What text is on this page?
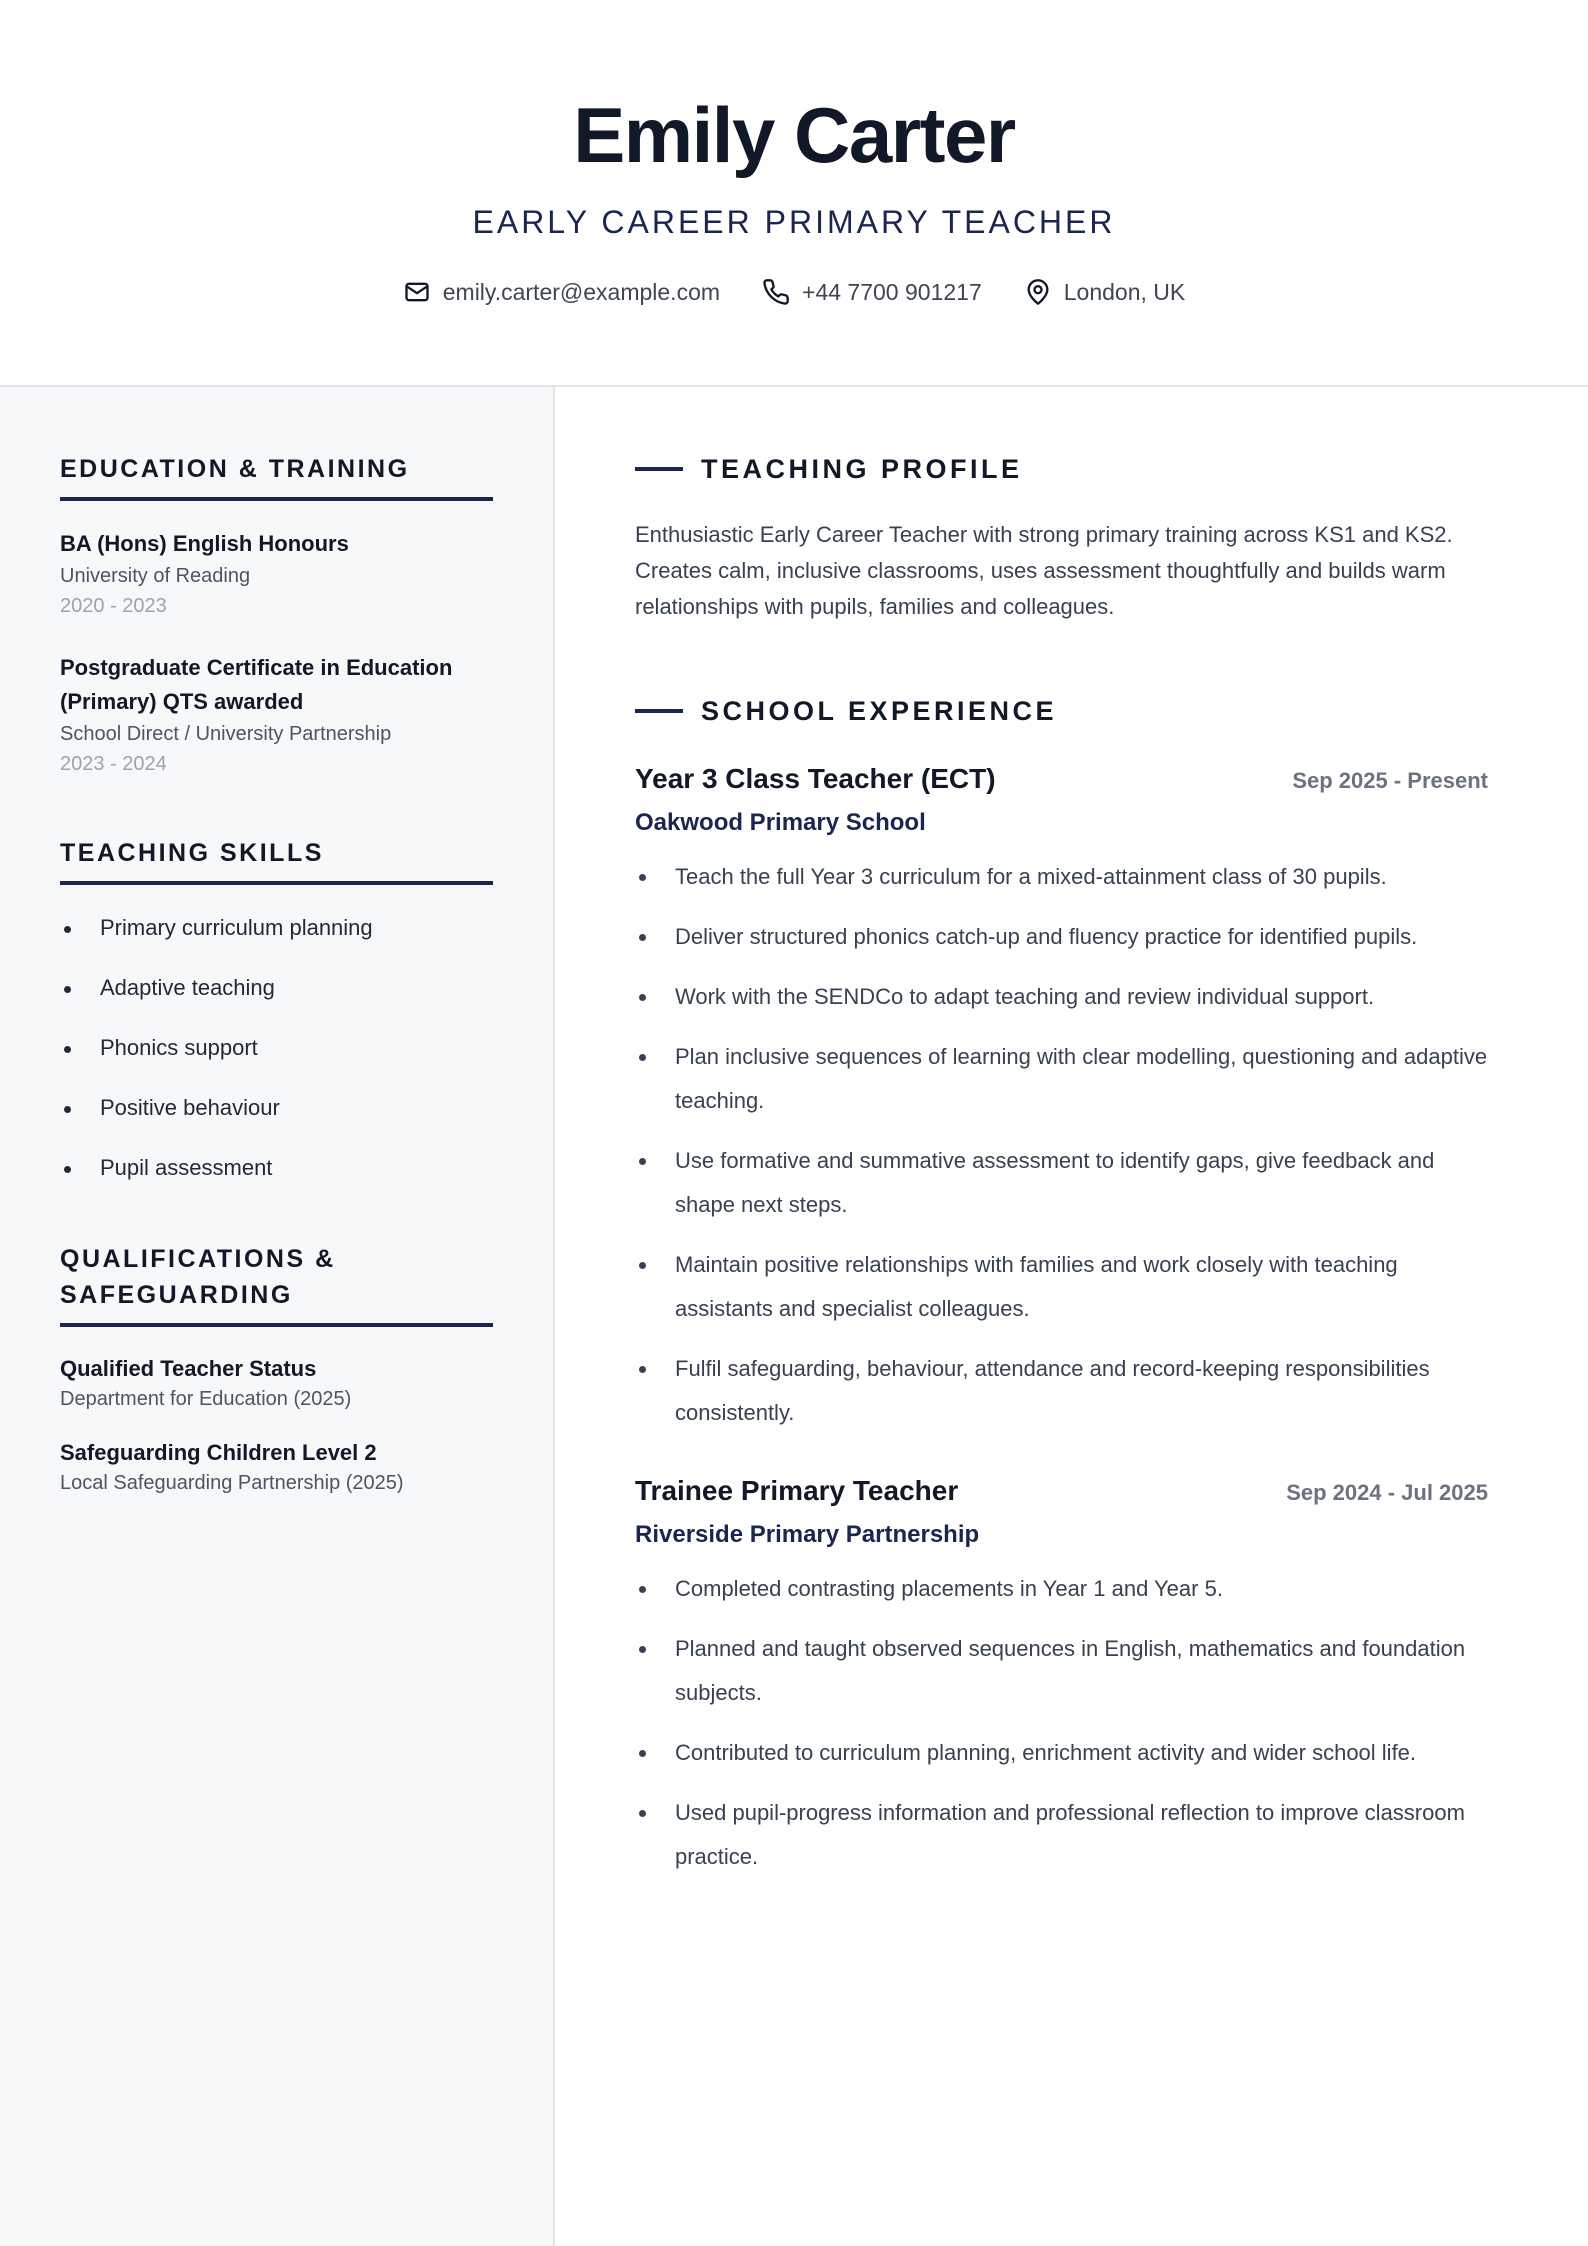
Emily Carter
EARLY CAREER PRIMARY TEACHER
emily.carter@example.com	+44 7700 901217	London, UK
EDUCATION & TRAINING
BA (Hons) English Honours
University of Reading
2020 - 2023
Postgraduate Certificate in Education (Primary) QTS awarded
School Direct / University Partnership
2023 - 2024
TEACHING SKILLS
Primary curriculum planning
Adaptive teaching
Phonics support
Positive behaviour
Pupil assessment
QUALIFICATIONS & SAFEGUARDING
Qualified Teacher Status
Department for Education (2025)
Safeguarding Children Level 2
Local Safeguarding Partnership (2025)
TEACHING PROFILE

Enthusiastic Early Career Teacher with strong primary training across KS1 and KS2. Creates calm, inclusive classrooms, uses assessment thoughtfully and builds warm relationships with pupils, families and colleagues.

SCHOOL EXPERIENCE
Year 3 Class Teacher (ECT)	Sep 2025 - Present
Oakwood Primary School
Teach the full Year 3 curriculum for a mixed-attainment class of 30 pupils.
Deliver structured phonics catch-up and fluency practice for identified pupils.
Work with the SENDCo to adapt teaching and review individual support.
Plan inclusive sequences of learning with clear modelling, questioning and adaptive teaching.
Use formative and summative assessment to identify gaps, give feedback and shape next steps.
Maintain positive relationships with families and work closely with teaching assistants and specialist colleagues.
Fulfil safeguarding, behaviour, attendance and record-keeping responsibilities consistently.
Trainee Primary Teacher	Sep 2024 - Jul 2025
Riverside Primary Partnership
Completed contrasting placements in Year 1 and Year 5.
Planned and taught observed sequences in English, mathematics and foundation subjects.
Contributed to curriculum planning, enrichment activity and wider school life.
Used pupil-progress information and professional reflection to improve classroom practice.
